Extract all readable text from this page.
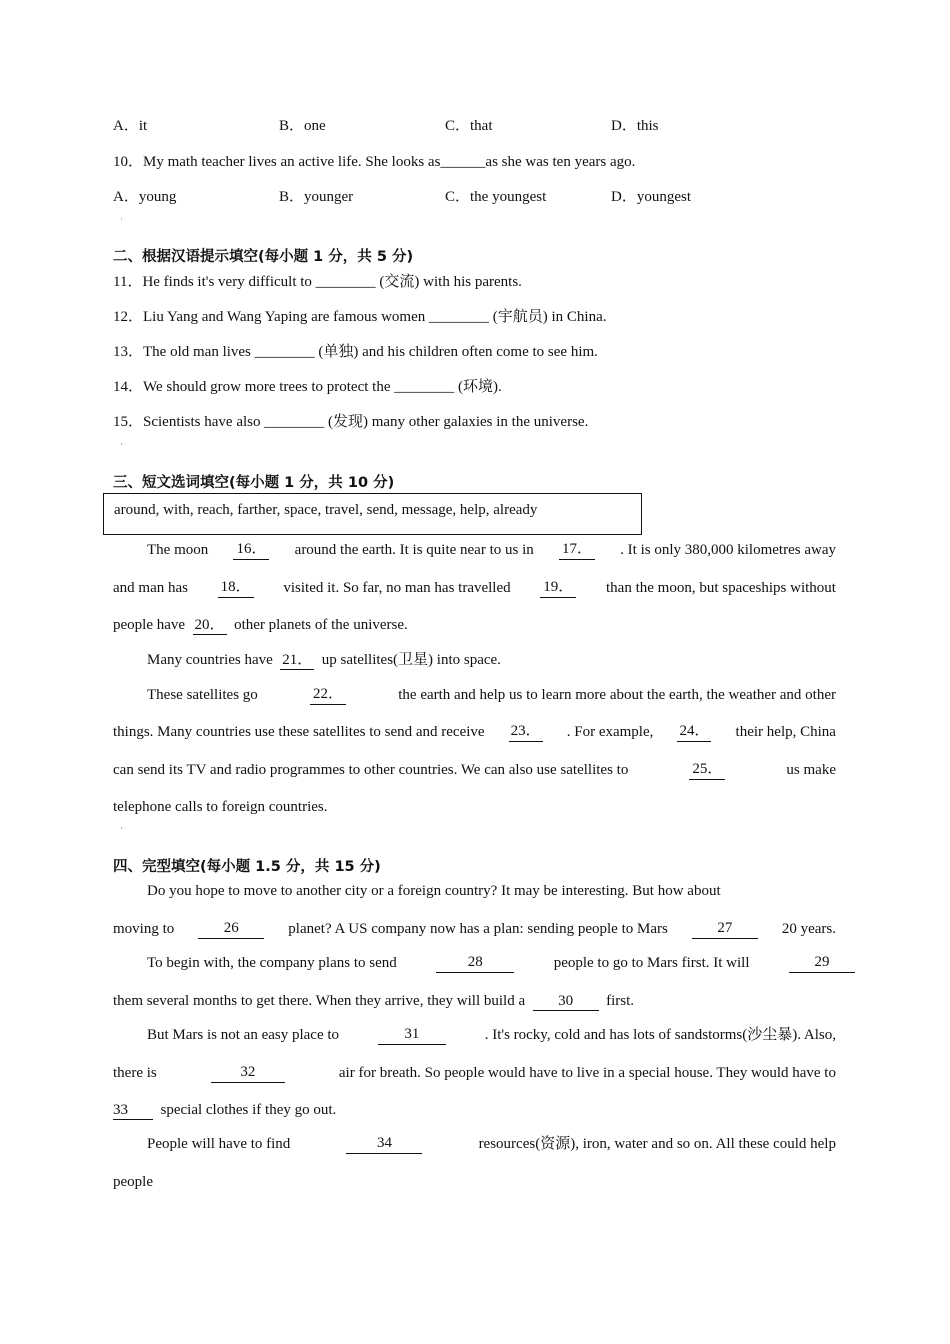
A．it	B．one	C．that	D．this
10．My math teacher lives an active life. She looks as______as she was ten years ago.
A．young	B．younger	C．the youngest	D．youngest
·
二、根据汉语提示填空(每小题 1 分，共 5 分)
11．He finds it's very difficult to ________ (交流) with his parents.
12．Liu Yang and Wang Yaping are famous women ________ (宇航员) in China.
13．The old man lives ________ (单独) and his children often come to see him.
14．We should grow more trees to protect the ________ (环境).
15．Scientists have also ________ (发现) many other galaxies in the universe.
·
三、短文选词填空(每小题 1 分，共 10 分)
around, with, reach, farther, space, travel, send, message, help, already
The moon 16． around the earth. It is quite near to us in 17． . It is only 380,000 kilometres away
and man has 18． visited it. So far, no man has travelled 19． than the moon, but spaceships without
people have 20． other planets of the universe.
Many countries have 21． up satellites(卫星) into space.
These satellites go	22．	the earth and help us to learn more about the earth, the weather and other
things. Many countries use these satellites to send and receive 23． . For example, 24． their help, China
can send its TV and radio programmes to other countries. We can also use satellites to	25．	us make
telephone calls to foreign countries.
·
四、完型填空(每小题 1.5 分，共 15 分)
Do you hope to move to another city or a foreign country? It may be interesting. But how about
moving to	26	planet? A US company now has a plan: sending people to Mars	27	20 years.
To begin with, the company plans to send	28	people to go to Mars first. It will	29
them several months to get there. When they arrive, they will build a 30 first.
But Mars is not an easy place to	31	. It's rocky, cold and has lots of sandstorms(沙尘暴). Also,
there is	32	air for breath. So people would have to live in a special house. They would have to
33 special clothes if they go out.
People will have to find	34	resources(资源), iron, water and so on. All these could help
people
